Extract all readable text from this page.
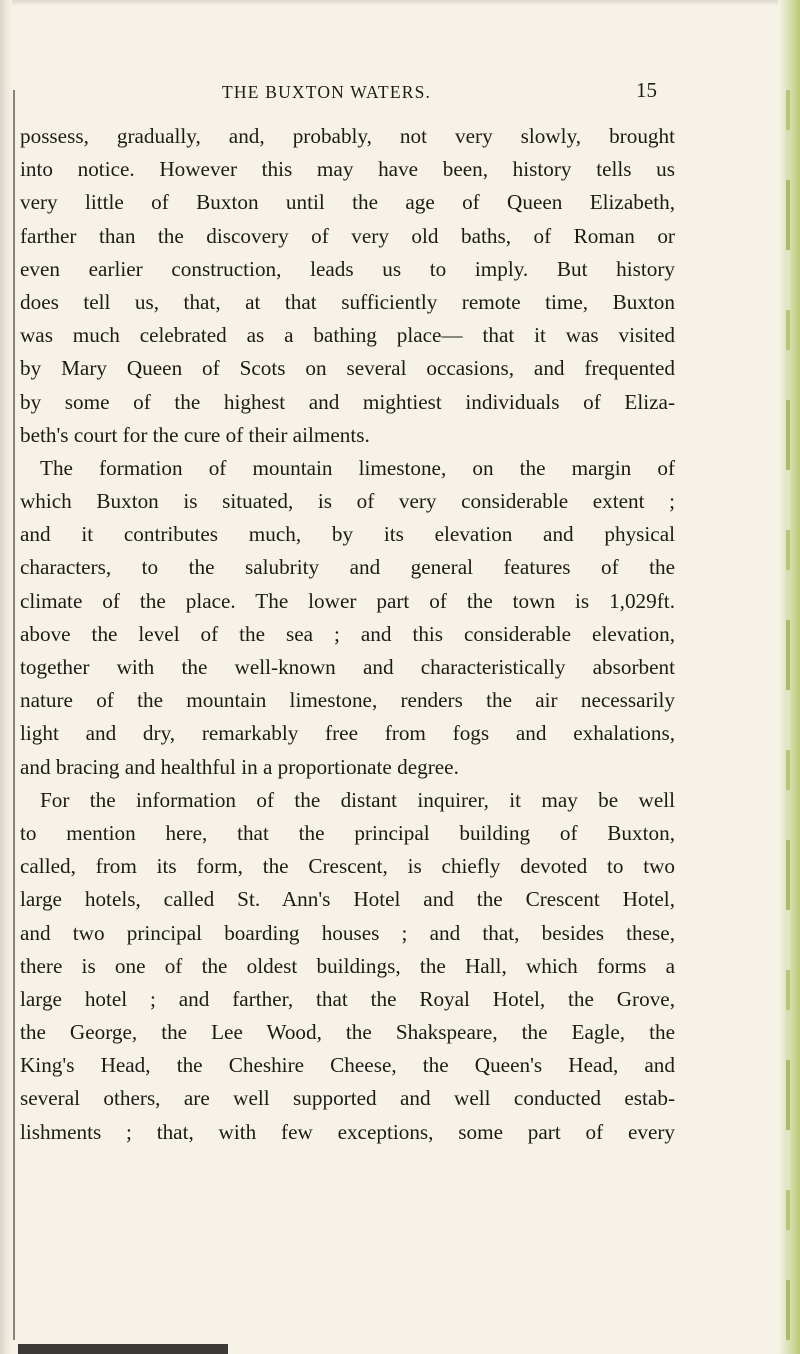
THE BUXTON WATERS.	15
possess, gradually, and, probably, not very slowly, brought
into notice. However this may have been, history tells us
very little of Buxton until the age of Queen Elizabeth,
farther than the discovery of very old baths, of Roman or
even earlier construction, leads us to imply. But history
does tell us, that, at that sufficiently remote time, Buxton
was much celebrated as a bathing place— that it was visited
by Mary Queen of Scots on several occasions, and frequented
by some of the highest and mightiest individuals of Eliza-
beth's court for the cure of their ailments.
The formation of mountain limestone, on the margin of
which Buxton is situated, is of very considerable extent ;
and it contributes much, by its elevation and physical
characters, to the salubrity and general features of the
climate of the place. The lower part of the town is 1,029ft.
above the level of the sea ; and this considerable elevation,
together with the well-known and characteristically absorbent
nature of the mountain limestone, renders the air necessarily
light and dry, remarkably free from fogs and exhalations,
and bracing and healthful in a proportionate degree.
For the information of the distant inquirer, it may be well
to mention here, that the principal building of Buxton,
called, from its form, the Crescent, is chiefly devoted to two
large hotels, called St. Ann's Hotel and the Crescent Hotel,
and two principal boarding houses ; and that, besides these,
there is one of the oldest buildings, the Hall, which forms a
large hotel ; and farther, that the Royal Hotel, the Grove,
the George, the Lee Wood, the Shakspeare, the Eagle, the
King's Head, the Cheshire Cheese, the Queen's Head, and
several others, are well supported and well conducted estab-
lishments ; that, with few exceptions, some part of every
